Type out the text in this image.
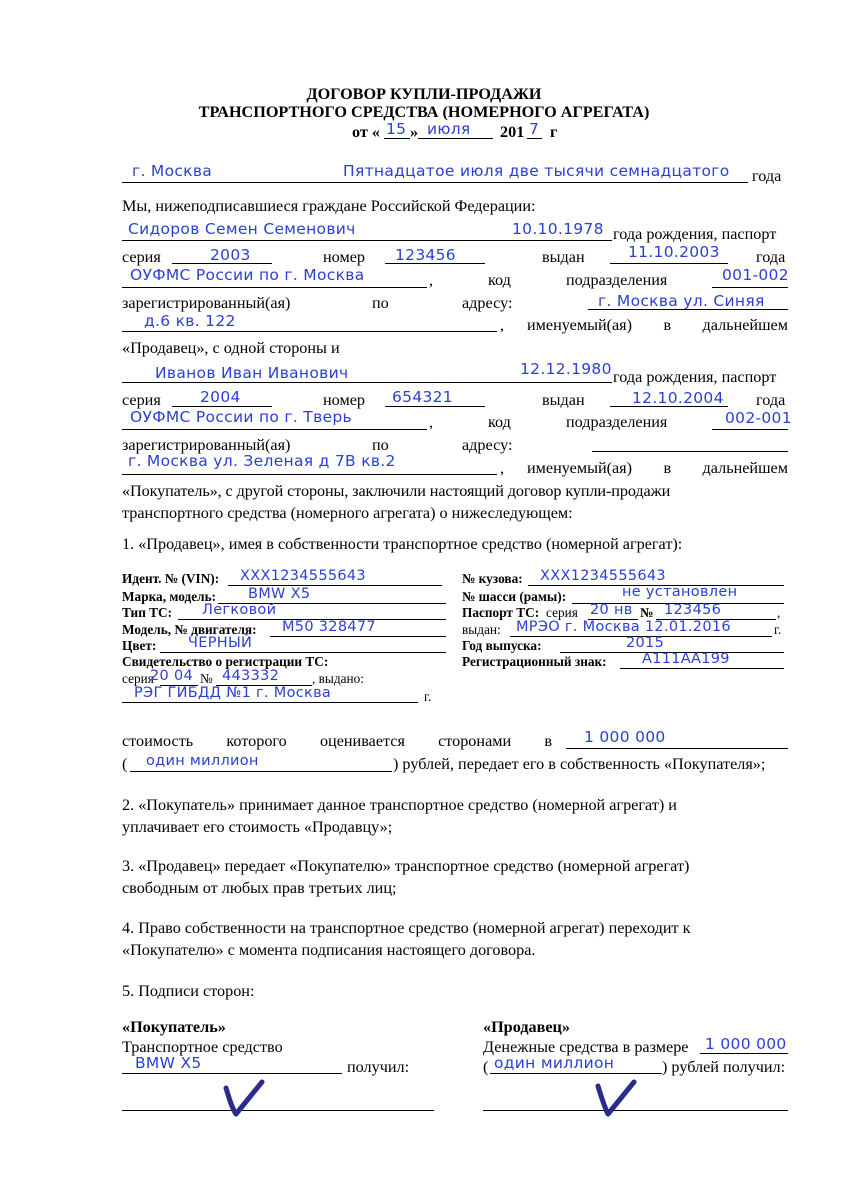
ДОГОВОР КУПЛИ-ПРОДАЖИ
ТРАНСПОРТНОГО СРЕДСТВА (НОМЕРНОГО АГРЕГАТА)
от « 15 » июля 201 7 г
г. Москва	Пятнадцатое июля две тысячи семнадцатого года
Мы, нижеподписавшиеся граждане Российской Федерации:
Сидоров Семен Семенович	10.10.1978 года рождения, паспорт
серия	2003	номер 123456	выдан	11.10.2003 года
ОУФМС России по г. Москва	,	код	подразделения	001-002
зарегистрированный(ая)	по	адресу:	г. Москва ул. Синяя
д.6 кв. 122	, именуемый(ая) в дальнейшем
«Продавец», с одной стороны и
Иванов Иван Иванович	12.12.1980 года рождения, паспорт
серия	2004	номер 654321	выдан	12.10.2004 года
ОУФМС России по г. Тверь	,	код	подразделения	002-001
зарегистрированный(ая)	по	адресу:
г. Москва ул. Зеленая д 7В кв.2	, именуемый(ая) в дальнейшем
«Покупатель», с другой стороны, заключили настоящий договор купли-продажи
транспортного средства (номерного агрегата) о нижеследующем:
1. «Продавец», имея в собственности транспортное средство (номерной агрегат):
Идент. № (VIN): XXX1234555643
Марка, модель: BMW X5
Тип ТС: Легковой
Модель, № двигателя: M50 328477
Цвет: ЧЕРНЫЙ
Свидетельство о регистрации ТС:
серия
20 04 № 443332 , выдано:
РЭГ ГИБДД №1 г. Москва	г.
№ кузова: XXX1234555643
№ шасси (рамы):	не установлен
Паспорт ТС: серия 20 нв № 123456	,
выдан: МРЭО г. Москва 12.01.2016	г.
Год выпуска:	2015
Регистрационный знак: А111АА199
стоимость которого оценивается сторонами в 1 000 000
( один миллион	) рублей, передает его в собственность «Покупателя»;
2. «Покупатель» принимает данное транспортное средство (номерной агрегат) и
уплачивает его стоимость «Продавцу»;
3. «Продавец» передает «Покупателю» транспортное средство (номерной агрегат)
свободным от любых прав третьих лиц;
4. Право собственности на транспортное средство (номерной агрегат) переходит к
«Покупателю» с момента подписания настоящего договора.
5. Подписи сторон:
«Покупатель»
Транспортное средство
BMW X5	получил:
«Продавец»
Денежные средства в размере 1 000 000
( один миллион	) рублей получил:
